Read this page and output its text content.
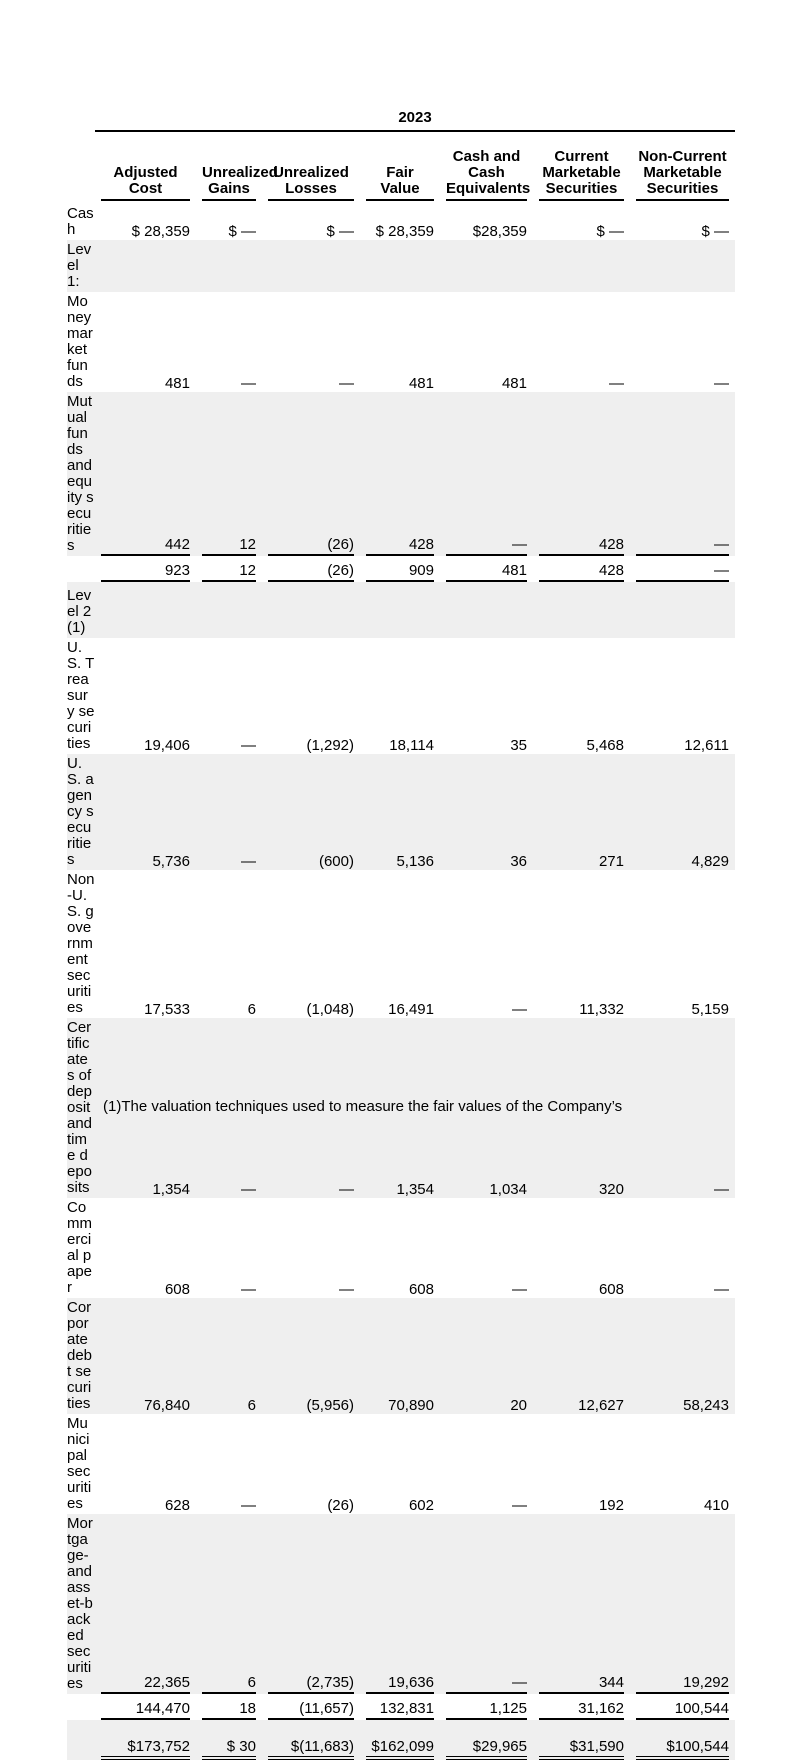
2023

	Adjusted Cost	Unrealized Gains	Unrealized Losses	Fair Value	Cash and Cash Equivalents	Current Marketable Securities	Non-Current Marketable Securities

Cash	$ 28,359	$ —	$ —	$ 28,359	$28,359	$ —	$ —

Level 1:	

Money market funds	481	—	—	481	481	—	—

Mutual funds and equity securities	442	12	(26)	428	—	428	—

	923	12	(26)	909	481	428	—

Level 2 (1)	

U.S. Treasury securities	19,406	—	(1,292)	18,114	35	5,468	12,611

U.S. agency securities	5,736	—	(600)	5,136	36	271	4,829

Non-U.S. government securities	17,533	6	(1,048)	16,491	—	11,332	5,159

Certificates of deposit and time deposits	1,354	—	—	1,354	1,034	320	—

Commercial paper	608	—	—	608	—	608	—

Corporate debt securities	76,840	6	(5,956)	70,890	20	12,627	58,243

Municipal securities	628	—	(26)	602	—	192	410

Mortgage- and asset-backed securities	22,365	6	(2,735)	19,636	—	344	19,292

	144,470	18	(11,657)	132,831	1,125	31,162	100,544

	$173,752	$ 30	$(11,683)	$162,099	$29,965	$31,590	$100,544
(1)The valuation techniques used to measure the fair values of the Company’s
